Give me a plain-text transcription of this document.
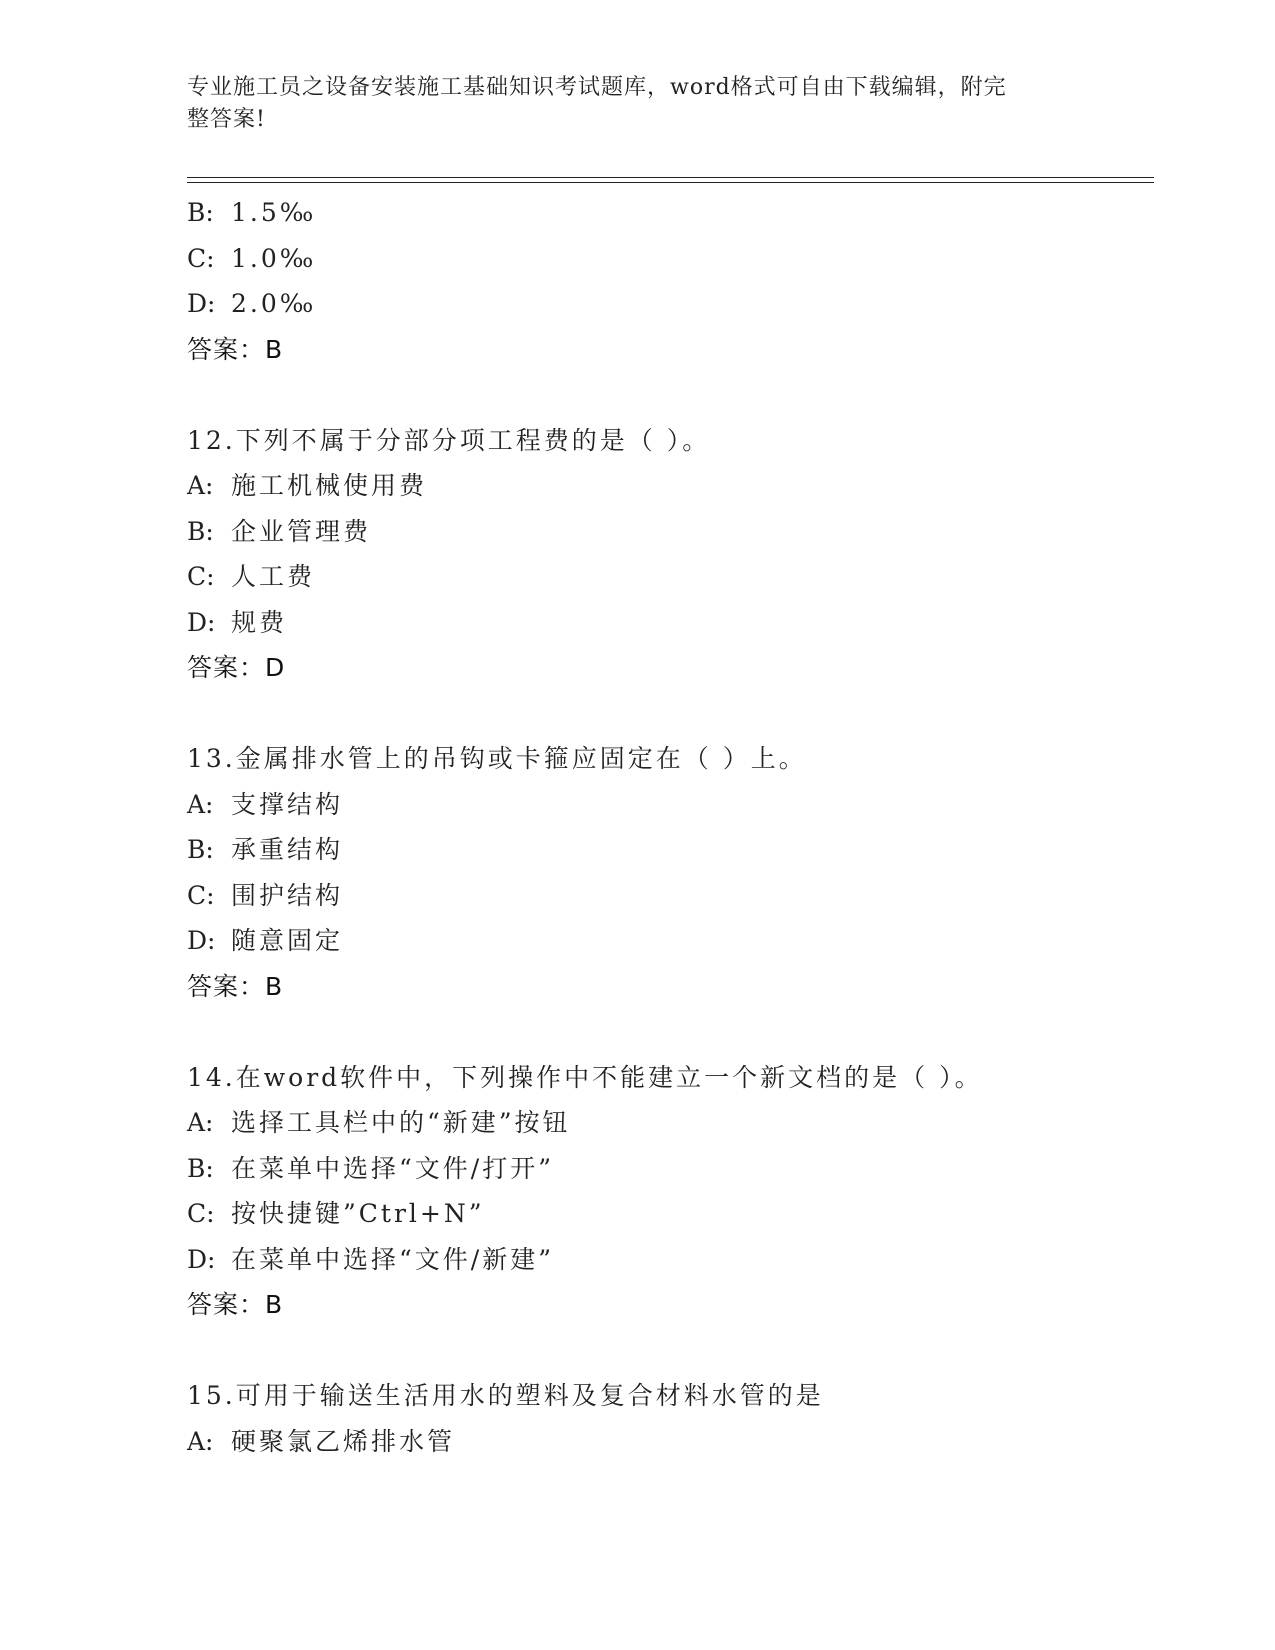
专业施工员之设备安装施工基础知识考试题库，word格式可自由下载编辑，附完
整答案!
B: 1.5‰
C: 1.0‰
D: 2.0‰
答案：B
12.下列不属于分部分项工程费的是（ ）。
A: 施工机械使用费
B: 企业管理费
C: 人工费
D: 规费
答案：D
13.金属排水管上的吊钩或卡箍应固定在（ ）上。
A: 支撑结构
B: 承重结构
C: 围护结构
D: 随意固定
答案：B
14.在word软件中，下列操作中不能建立一个新文档的是（ ）。
A: 选择工具栏中的“新建”按钮
B: 在菜单中选择“文件/打开”
C: 按快捷键”Ctrl+N”
D: 在菜单中选择“文件/新建”
答案：B
15.可用于输送生活用水的塑料及复合材料水管的是
A: 硬聚氯乙烯排水管
